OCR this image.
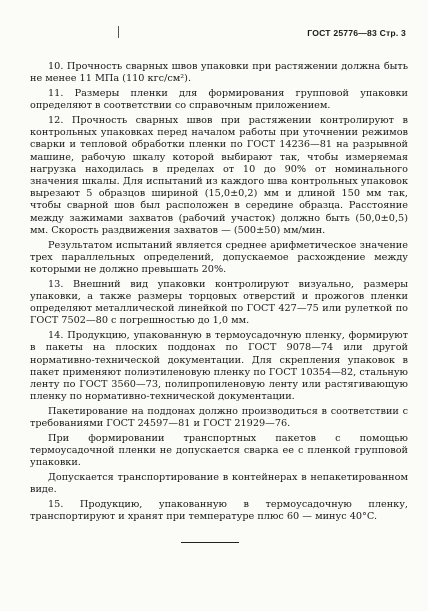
ГОСТ 25776—83 Стр. 3

10. Прочность сварных швов упаковки при растяжении должна быть не менее 11 МПа (110 кгс/см²).

11. Размеры пленки для формирования групповой упаковки определяют в соответствии со справочным приложением.

12. Прочность сварных швов при растяжении контролируют в контрольных упаковках перед началом работы при уточнении режимов сварки и тепловой обработки пленки по ГОСТ 14236—81 на разрывной машине, рабочую шкалу которой выбирают так, чтобы измеряемая нагрузка находилась в пределах от 10 до 90% от номинального значения шкалы. Для испытаний из каждого шва контрольных упаковок вырезают 5 образцов шириной (15,0±0,2) мм и длиной 150 мм так, чтобы сварной шов был расположен в середине образца. Расстояние между зажимами захватов (рабочий участок) должно быть (50,0±0,5) мм. Скорость раздвижения захватов — (500±50) мм/мин.

Результатом испытаний является среднее арифметическое значение трех параллельных определений, допускаемое расхождение между которыми не должно превышать 20%.

13. Внешний вид упаковки контролируют визуально, размеры упаковки, а также размеры торцовых отверстий и прожогов пленки определяют металлической линейкой по ГОСТ 427—75 или рулеткой по ГОСТ 7502—80 с погрешностью до 1,0 мм.

14. Продукцию, упакованную в термоусадочную пленку, формируют в пакеты на плоских поддонах по ГОСТ 9078—74 или другой нормативно-технической документации. Для скрепления упаковок в пакет применяют полиэтиленовую пленку по ГОСТ 10354—82, стальную ленту по ГОСТ 3560—73, полипропиленовую ленту или растягивающую пленку по нормативно-технической документации.

Пакетирование на поддонах должно производиться в соответствии с требованиями ГОСТ 24597—81 и ГОСТ 21929—76.

При формировании транспортных пакетов с помощью термоусадочной пленки не допускается сварка ее с пленкой групповой упаковки.

Допускается транспортирование в контейнерах в непакетированном виде.

15. Продукцию, упакованную в термоусадочную пленку, транспортируют и хранят при температуре плюс 60 — минус 40°C.
